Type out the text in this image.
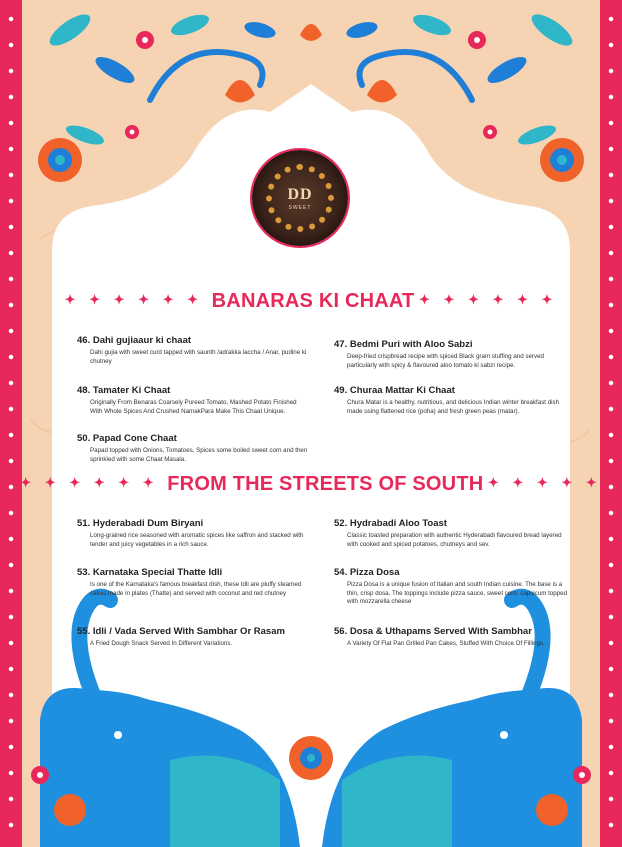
DD
SWEET
✦ ✦ ✦ ✦ ✦ ✦ BANARAS KI CHAAT ✦ ✦ ✦ ✦ ✦ ✦
46. Dahi gujiaaur ki chaat
Dahi gujia with sweet curd tapped with saunth /adrakka laccha / Anar, pudine ki chutney
47. Bedmi Puri with Aloo Sabzi
Deep-fried crispbread recipe with spiced Black gram stuffing and served particularly with spicy & flavoured aloo tomato ki sabzi recipe.
48. Tamater Ki Chaat
Originally From Benaras Coarsely Pureed Tomato, Mashed Potato Finished With Whole Spices And Crushed NamakPara Make This Chaat Unique.
49. Churaa Mattar Ki Chaat
Chura Matar is a healthy, nutritious, and delicious Indian winter breakfast dish made using flattened rice (poha) and fresh green peas (matar).
50. Papad Cone Chaat
Papad topped with Onions, Tomatoes, Spices some boiled sweet corn and then sprinkled with some Chaat Masala.
✦ ✦ ✦ ✦ ✦ ✦ FROM THE STREETS OF SOUTH ✦ ✦ ✦ ✦ ✦
51. Hyderabadi Dum Biryani
Long-grained rice seasoned with aromatic spices like saffron and stacked with tender and juicy vegetables in a rich sauce.
52. Hydrabadi Aloo Toast
Classic toasted preparation with authentic Hyderabadi flavoured bread layered with cooked and spiced potatoes, chutneys and sev.
53. Karnataka Special Thatte Idli
Is one of the Karnataka's famous breakfast dish, these Idli are pluffy steamed cakes made in plates (Thatte) and served with coconut and red chutney
54. Pizza Dosa
Pizza Dosa is a unique fusion of Italian and south Indian cuisine. The base is a thin, crisp dosa. The toppings include pizza sauce, sweet corn, capsicum topped with mozzarella cheese
55. Idli / Vada Served With Sambhar Or Rasam
A Fried Dough Snack Served In Different Variations.
56. Dosa & Uthapams Served With Sambhar
A Variety Of Flat Pan Grilled Pan Cakes, Stuffed With Choice Of Fillings.
